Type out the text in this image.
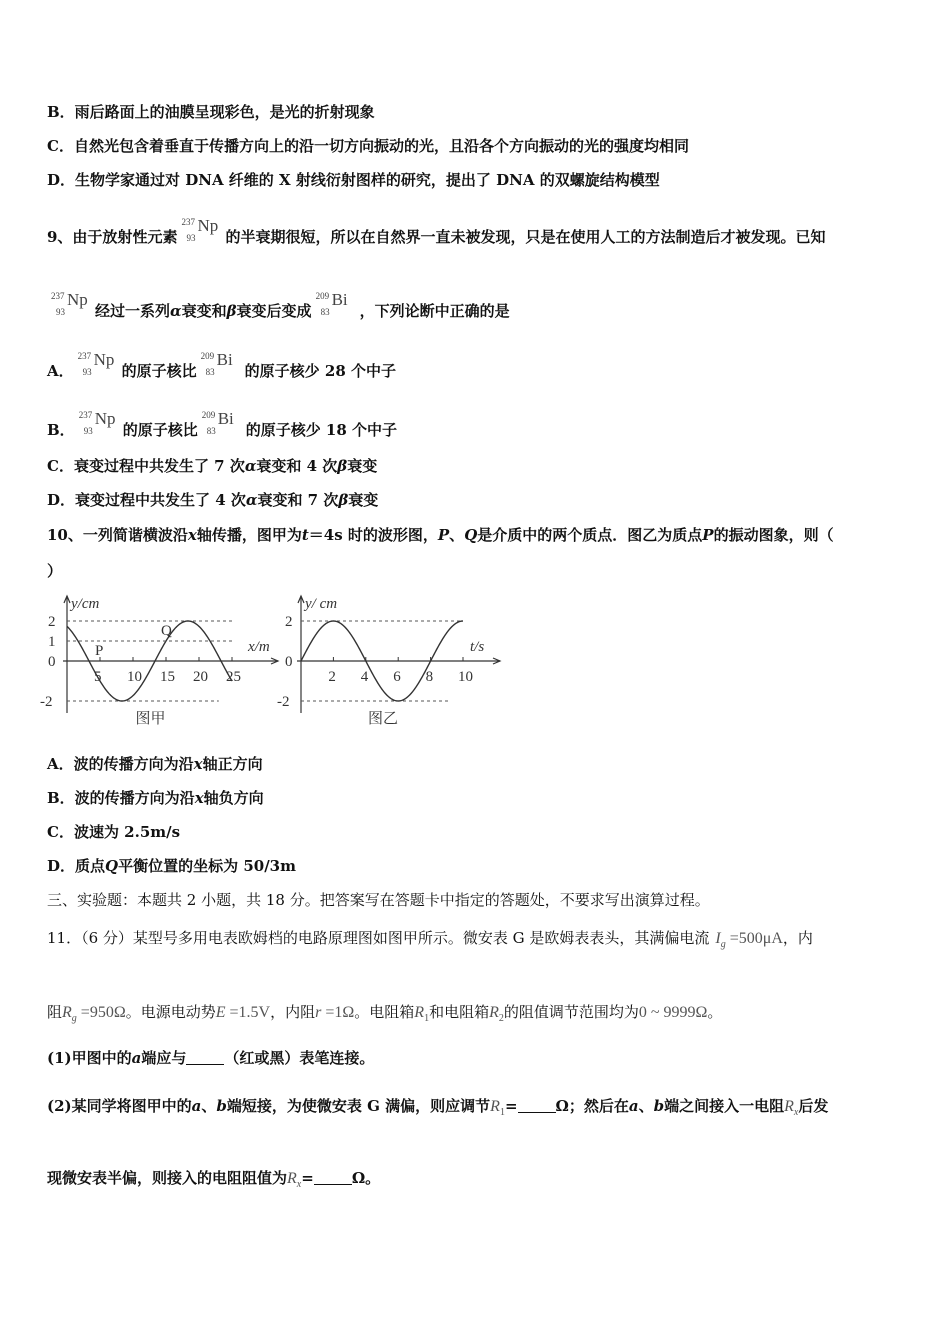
B．雨后路面上的油膜呈现彩色，是光的折射现象
C．自然光包含着垂直于传播方向上的沿一切方向振动的光，且沿各个方向振动的光的强度均相同
D．生物学家通过对 DNA 纤维的 X 射线衍射图样的研究，提出了 DNA 的双螺旋结构模型
9、由于放射性元素
237
93
Np
的半衰期很短，所以在自然界一直未被发现，只是在使用人工的方法制造后才被发现。已知
237
93
Np
经过一系列α衰变和β衰变后变成
209
83
Bi
，下列论断中正确的是
A．
237
93
Np
的原子核比
209
83
Bi
的原子核少 28 个中子
B．
237
93
Np
的原子核比
209
83
Bi
的原子核少 18 个中子
C．衰变过程中共发生了 7 次α衰变和 4 次β衰变
D．衰变过程中共发生了 4 次α衰变和 7 次β衰变
10、一列简谐横波沿x轴传播，图甲为t＝4s 时的波形图，P、Q是介质中的两个质点．图乙为质点P的振动图象，则（
）
y/cm
x/m
图甲
5 10 15 20 25
2
1
0
-2
P
Q
y/ cm
t/s
图乙
2 4 6 8 10
2
0
-2
A．波的传播方向为沿x轴正方向
B．波的传播方向为沿x轴负方向
C．波速为 2.5m/s
D．质点Q平衡位置的坐标为 50/3m
三、实验题：本题共 2 小题，共 18 分。把答案写在答题卡中指定的答题处，不要求写出演算过程。
11．（6 分）某型号多用电表欧姆档的电路原理图如图甲所示。微安表 G 是欧姆表表头，其满偏电流 $I_g =500\mu A$，内
阻$R_g =950\Omega$。电源电动势E =1.5V，内阻r =1Ω。电阻箱$R_1$和电阻箱$R_2$的阻值调节范围均为0 ~ 9999Ω。
(1)甲图中的a端应与	（红或黑）表笔连接。
(2)某同学将图甲中的a、b端短接，为使微安表 G 满偏，则应调节$R_1=$	Ω；然后在a、b端之间接入一电阻$R_x$后发
现微安表半偏，则接入的电阻阻值为$R_x=$	Ω。
